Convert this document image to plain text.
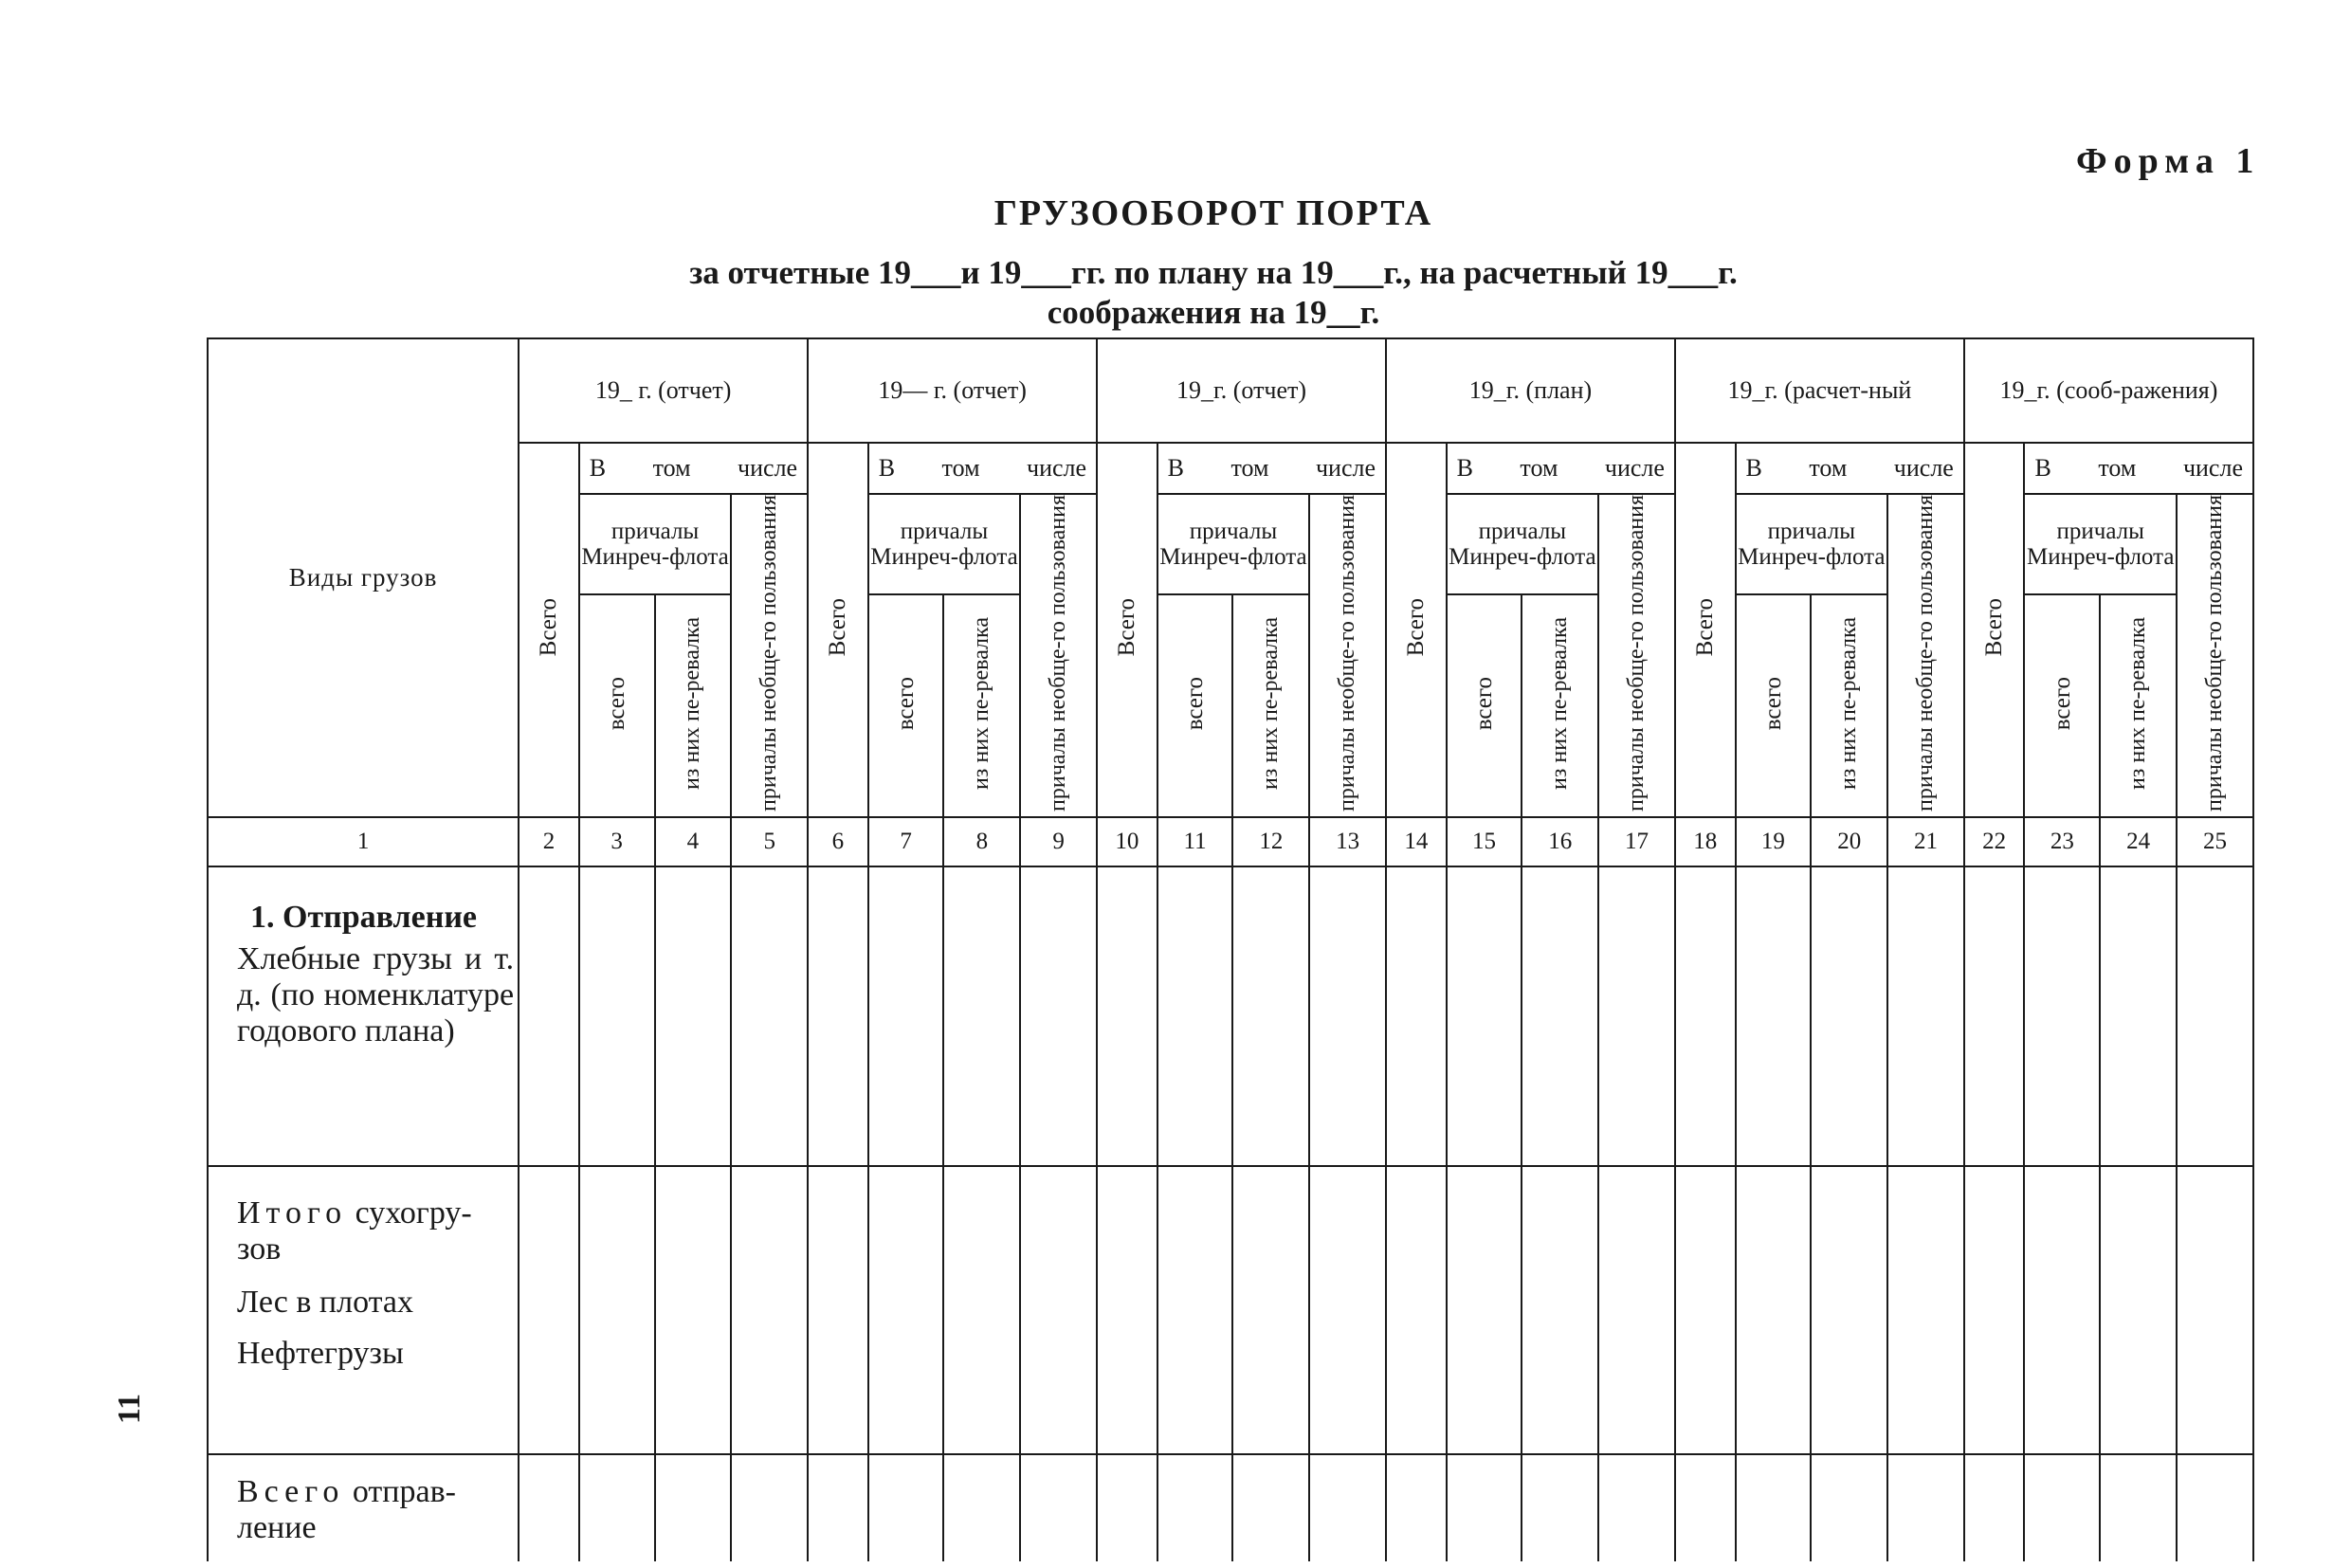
Форма 1
ГРУЗООБОРОТ ПОРТА
за отчетные 19___и 19___гг. по плану на 19___г., на расчетный 19___г.
соображения на 19__г.
Виды грузов	19_ г. (отчет)				19— г. (отчет)				19_г. (отчет)				19_г. (план)				19_г. (расчет-ный				19_г. (сооб-ражения)			
	Всего	В том числе			Всего	В том числе			Всего	В том числе			Всего	В том числе			Всего	В том числе			Всего	В том числе		
		причалы Минреч-флота		причалы необще-го пользования		причалы Минреч-флота		причалы необще-го пользования		причалы Минреч-флота		причалы необще-го пользования		причалы Минреч-флота		причалы необще-го пользования		причалы Минреч-флота		причалы необще-го пользования		причалы Минреч-флота		причалы необще-го пользования
		всего	из них пе-ревалка			всего	из них пе-ревалка			всего	из них пе-ревалка			всего	из них пе-ревалка			всего	из них пе-ревалка			всего	из них пе-ревалка	
1	2	3	4	5	6	7	8	9	10	11	12	13	14	15	16	17	18	19	20	21	22	23	24	25

1. Отправление
Хлебные грузы и т. д. (по номенклатуре годового плана)																								

Итого сухогру-
зов
Лес в плотах
Нефтегрузы																								

Всего отправ-
ление																								

11
